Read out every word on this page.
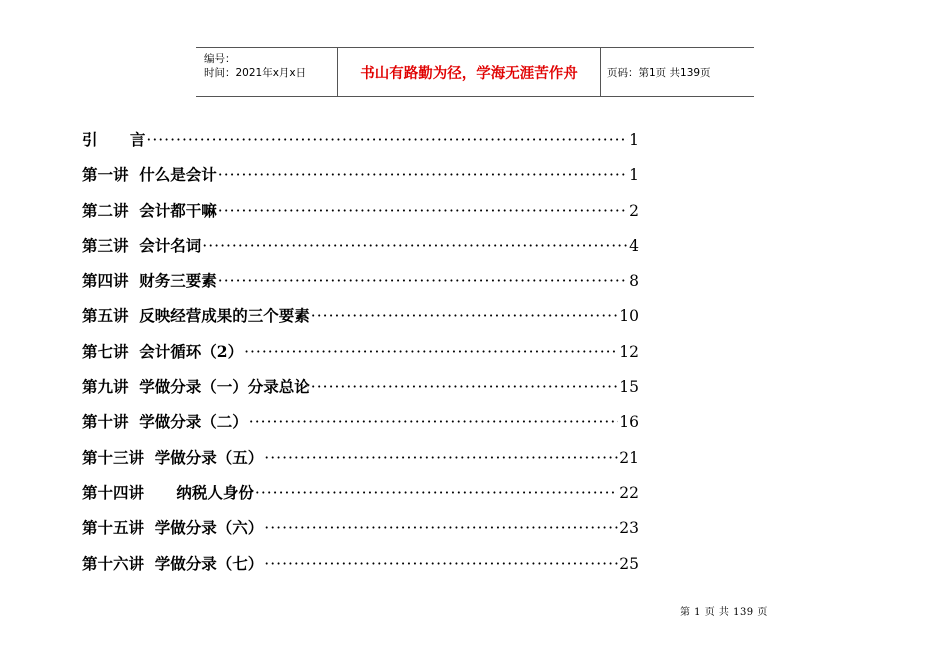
编号：
时间：2021年x月x日	书山有路勤为径，学海无涯苦作舟	页码：第1页 共139页
引      言 ·····	1
第一讲  什么是会计 ·····	1
第二讲  会计都干嘛 ·····	2
第三讲  会计名词 ·····	4
第四讲  财务三要素 ·····	8
第五讲  反映经营成果的三个要素 ·····	10
第七讲  会计循环（2） ·····	12
第九讲  学做分录（一）分录总论 ·····	15
第十讲  学做分录（二） ·····	16
第十三讲  学做分录（五） ·····	21
第十四讲      纳税人身份 ·····	22
第十五讲  学做分录（六） ·····	23
第十六讲  学做分录（七） ·····	25
第 1 页 共 139 页
